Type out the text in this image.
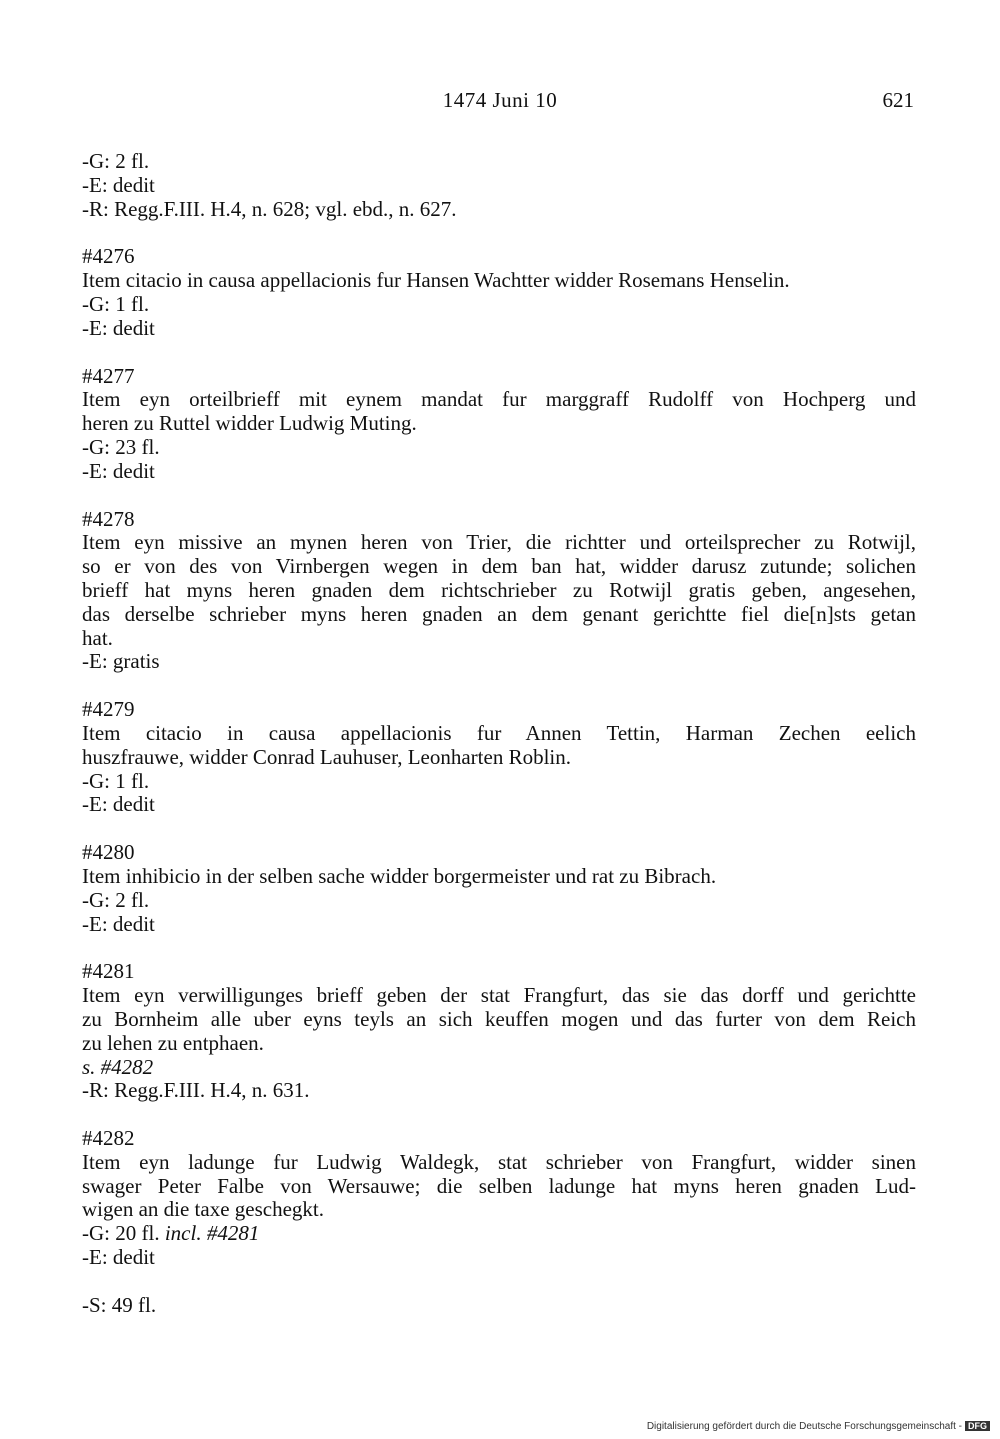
1474 Juni 10	621
-G: 2 fl.
-E: dedit
-R: Regg.F.III. H.4, n. 628; vgl. ebd., n. 627.
#4276
Item citacio in causa appellacionis fur Hansen Wachtter widder Rosemans Henselin.
-G: 1 fl.
-E: dedit
#4277
Item eyn orteilbrieff mit eynem mandat fur marggraff Rudolff von Hochperg und
heren zu Ruttel widder Ludwig Muting.
-G: 23 fl.
-E: dedit
#4278
Item eyn missive an mynen heren von Trier, die richtter und orteilsprecher zu Rotwijl,
so er von des von Virnbergen wegen in dem ban hat, widder darusz zutunde; solichen
brieff hat myns heren gnaden dem richtschrieber zu Rotwijl gratis geben, angesehen,
das derselbe schrieber myns heren gnaden an dem genant gerichtte fiel die[n]sts getan
hat.
-E: gratis
#4279
Item citacio in causa appellacionis fur Annen Tettin, Harman Zechen eelich
huszfrauwe, widder Conrad Lauhuser, Leonharten Roblin.
-G: 1 fl.
-E: dedit
#4280
Item inhibicio in der selben sache widder borgermeister und rat zu Bibrach.
-G: 2 fl.
-E: dedit
#4281
Item eyn verwilligunges brieff geben der stat Frangfurt, das sie das dorff und gerichtte
zu Bornheim alle uber eyns teyls an sich keuffen mogen und das furter von dem Reich
zu lehen zu entphaen.
s. #4282
-R: Regg.F.III. H.4, n. 631.
#4282
Item eyn ladunge fur Ludwig Waldegk, stat schrieber von Frangfurt, widder sinen
swager Peter Falbe von Wersauwe; die selben ladunge hat myns heren gnaden Lud-
wigen an die taxe geschegkt.
-G: 20 fl. incl. #4281
-E: dedit
-S: 49 fl.
Digitalisierung gefördert durch die Deutsche Forschungsgemeinschaft - DFG
